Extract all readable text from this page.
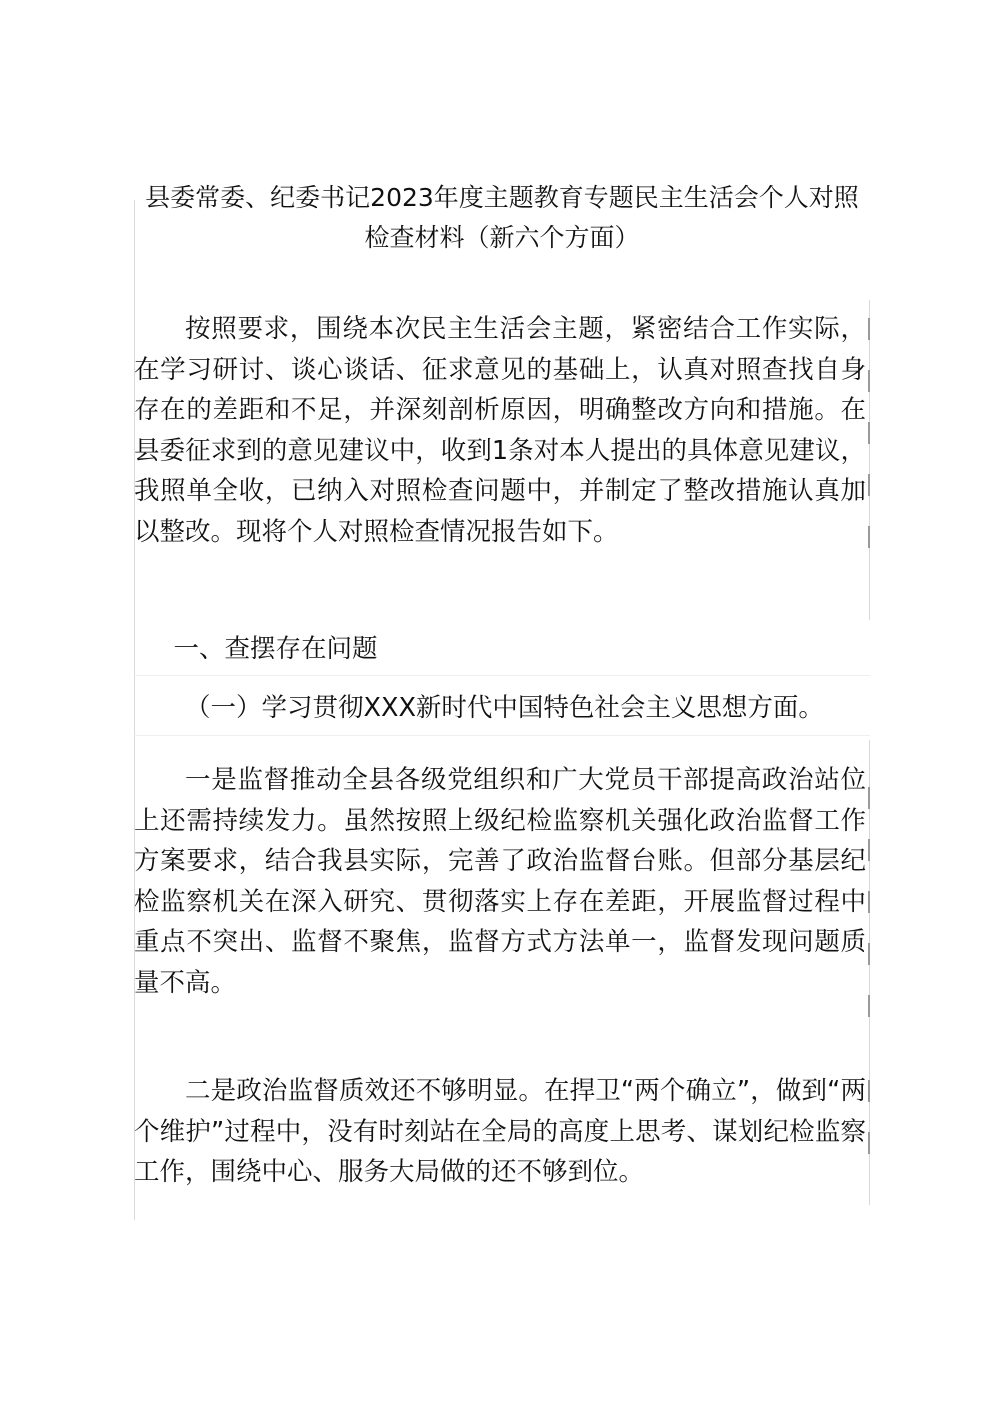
县委常委、纪委书记2023年度主题教育专题民主生活会个人对照检查材料（新六个方面）

按照要求，围绕本次民主生活会主题，紧密结合工作实际，在学习研讨、谈心谈话、征求意见的基础上，认真对照查找自身存在的差距和不足，并深刻剖析原因，明确整改方向和措施。在县委征求到的意见建议中，收到1条对本人提出的具体意见建议，我照单全收，已纳入对照检查问题中，并制定了整改措施认真加以整改。现将个人对照检查情况报告如下。

一、查摆存在问题

（一）学习贯彻XXX新时代中国特色社会主义思想方面。

一是监督推动全县各级党组织和广大党员干部提高政治站位上还需持续发力。虽然按照上级纪检监察机关强化政治监督工作方案要求，结合我县实际，完善了政治监督台账。但部分基层纪检监察机关在深入研究、贯彻落实上存在差距，开展监督过程中重点不突出、监督不聚焦，监督方式方法单一，监督发现问题质量不高。

二是政治监督质效还不够明显。在捍卫“两个确立”，做到“两个维护”过程中，没有时刻站在全局的高度上思考、谋划纪检监察工作，围绕中心、服务大局做的还不够到位。
